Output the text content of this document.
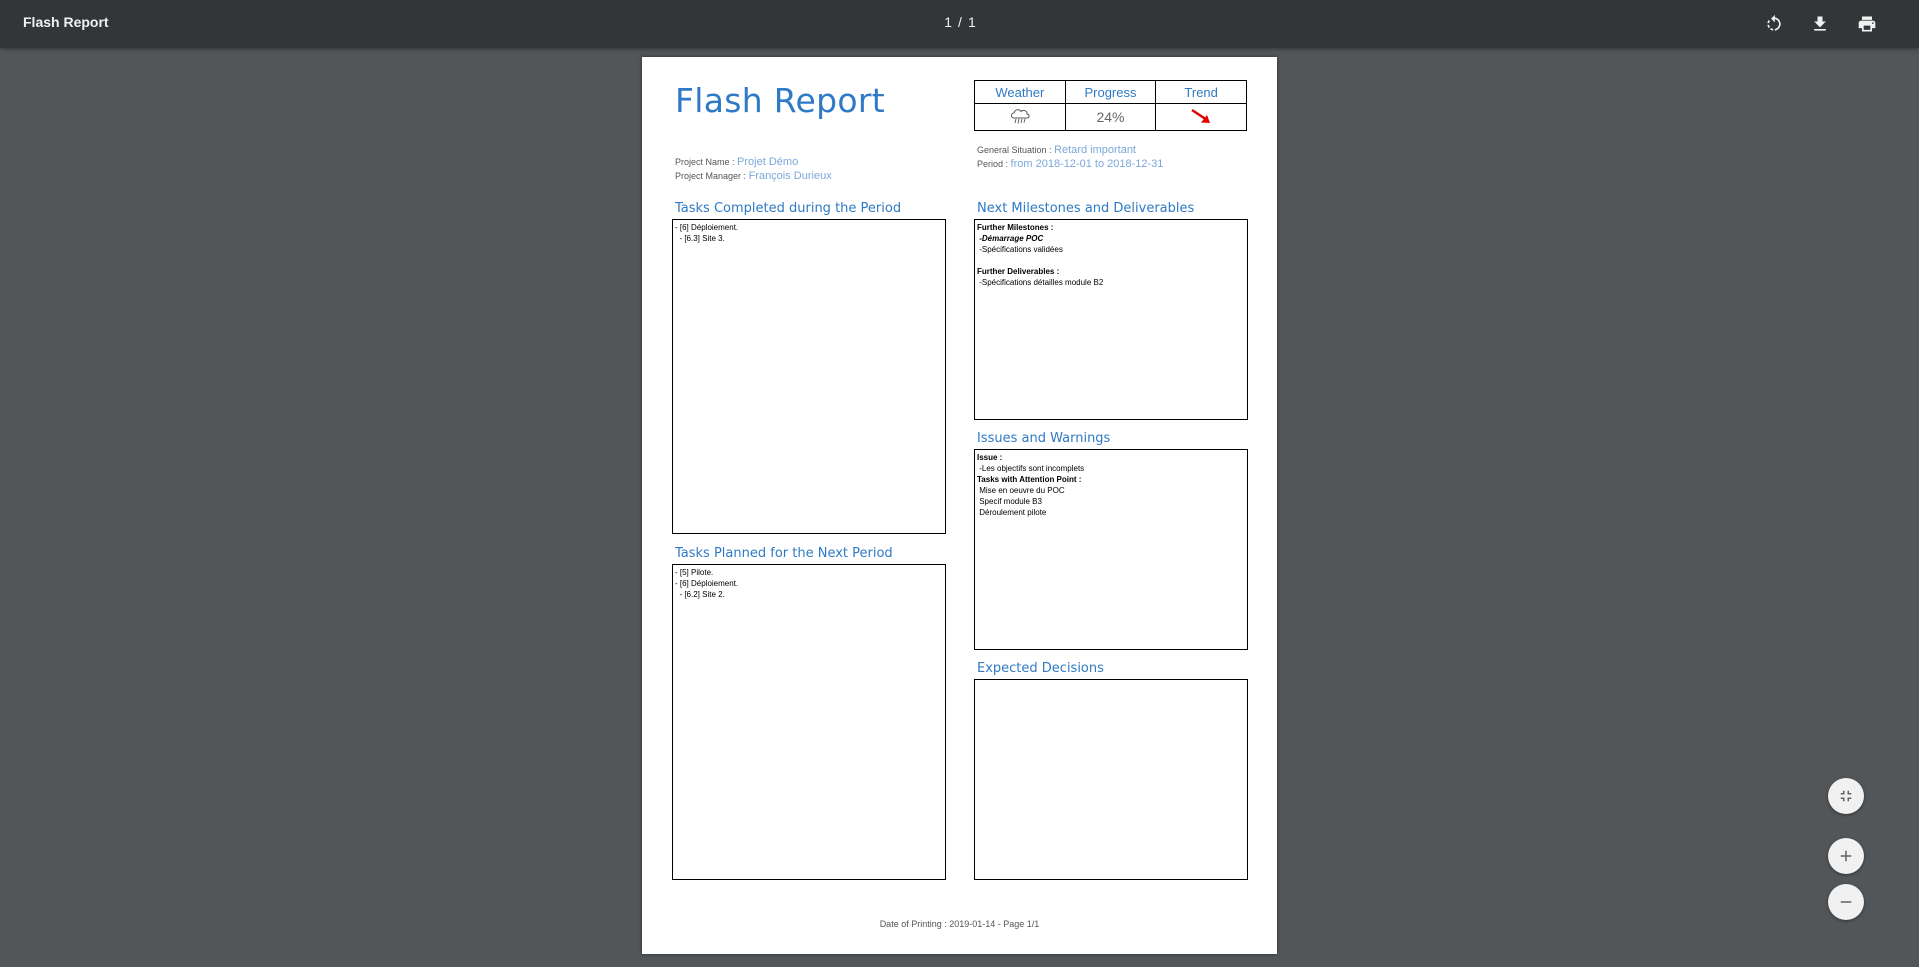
Flash Report	1 / 1
Flash Report	Weather	Progress	Trend
	24%	
Project Name : Projet Démo
Project Manager : François Durieux
General Situation : Retard important
Period : from 2018-12-01 to 2018-12-31
Tasks Completed during the Period
- [6] Déploiement.
- [6.3] Site 3.
Tasks Planned for the Next Period
- [5] Pilote.
- [6] Déploiement.
- [6.2] Site 2.
Next Milestones and Deliverables
Further Milestones :
-Démarrage POC
-Spécifications validées

Further Deliverables :
-Spécifications détailles module B2
Issues and Warnings
Issue :
-Les objectifs sont incomplets
Tasks with Attention Point :
Mise en oeuvre du POC
Specif module B3
Déroulement pilote
Expected Decisions
Date of Printing : 2019-01-14 - Page 1/1
